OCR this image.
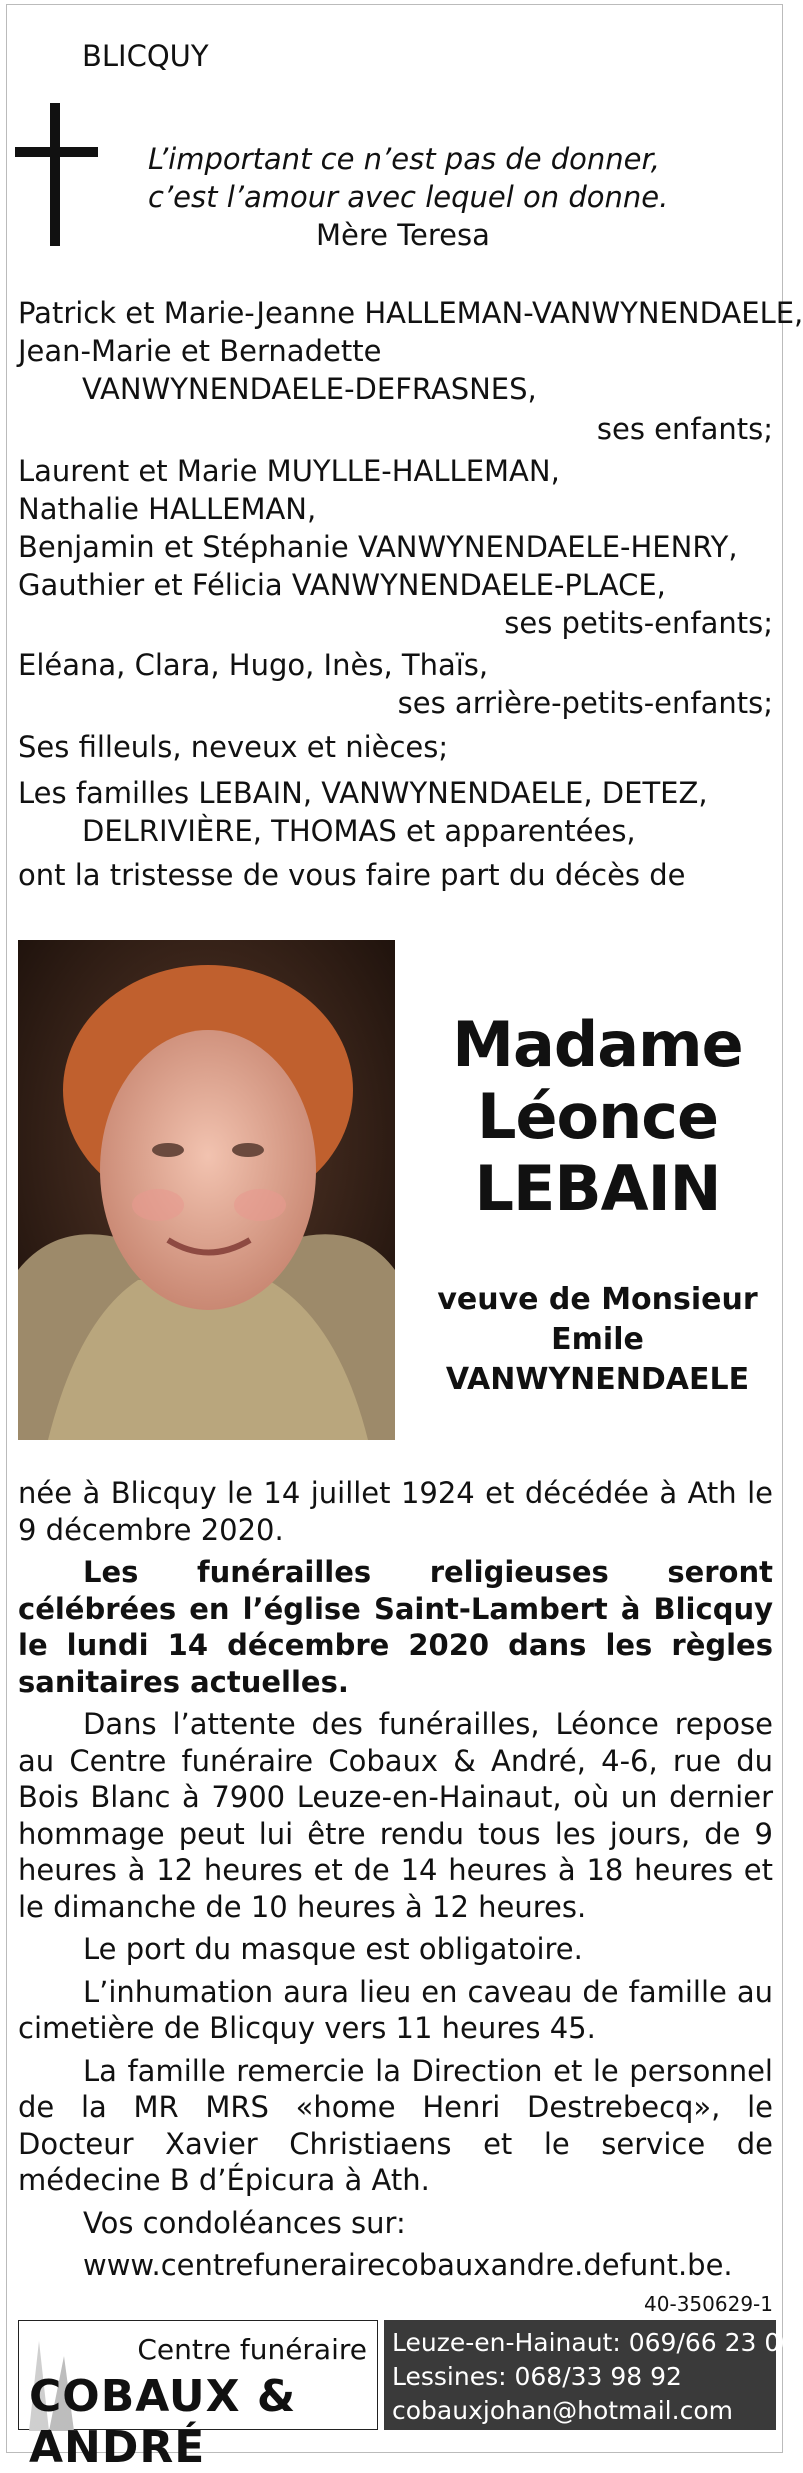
BLICQUY
L’important ce n’est pas de donner,
c’est l’amour avec lequel on donne.
Mère Teresa
Patrick et Marie-Jeanne HALLEMAN-VANWYNENDAELE,
Jean-Marie et Bernadette
VANWYNENDAELE-DEFRASNES,
ses enfants;
Laurent et Marie MUYLLE-HALLEMAN,
Nathalie HALLEMAN,
Benjamin et Stéphanie VANWYNENDAELE-HENRY,
Gauthier et Félicia VANWYNENDAELE-PLACE,
ses petits-enfants;
Eléana, Clara, Hugo, Inès, Thaïs,
ses arrière-petits-enfants;
Ses filleuls, neveux et nièces;
Les familles LEBAIN, VANWYNENDAELE, DETEZ,
DELRIVIÈRE, THOMAS et apparentées,
ont la tristesse de vous faire part du décès de
Madame
Léonce
LEBAIN
veuve de Monsieur
Emile
VANWYNENDAELE

née à Blicquy le 14 juillet 1924 et décédée à Ath le 9 décembre 2020.

Les funérailles religieuses seront célébrées en l’église Saint-Lambert à Blicquy le lundi 14 décembre 2020 dans les règles sanitaires actuelles.

Dans l’attente des funérailles, Léonce repose au Centre funéraire Cobaux & André, 4-6, rue du Bois Blanc à 7900 Leuze-en-Hainaut, où un dernier hommage peut lui être rendu tous les jours, de 9 heures à 12 heures et de 14 heures à 18 heures et le dimanche de 10 heures à 12 heures.

Le port du masque est obligatoire.

L’inhumation aura lieu en caveau de famille au cimetière de Blicquy vers 11 heures 45.

La famille remercie la Direction et le personnel de la MR MRS «home Henri Destrebecq», le Docteur Xavier Christiaens et le service de médecine B d’Épicura à Ath.

Vos condoléances sur:

www.centrefunerairecobauxandre.defunt.be.

40-350629-1
Centre funéraire
COBAUX & ANDRÉ
Leuze-en-Hainaut: 069/66 23 06
Lessines: 068/33 98 92
cobauxjohan@hotmail.com
